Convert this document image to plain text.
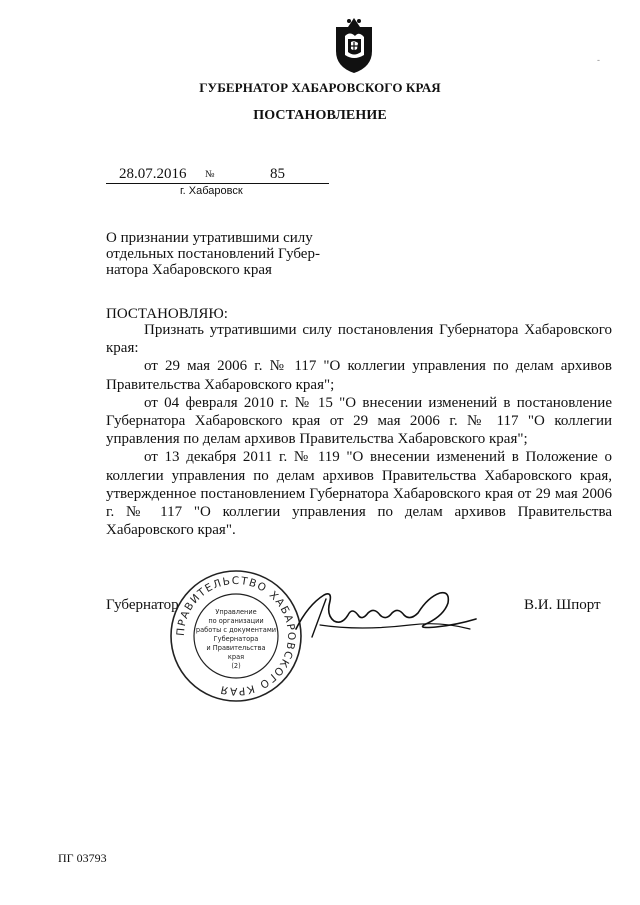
-
ГУБЕРНАТОР ХАБАРОВСКОГО КРАЯ
ПОСТАНОВЛЕНИЕ
28.07.2016 №	85
г. Хабаровск
О признании утратившими силу
отдельных постановлений Губер-
натора Хабаровского края
ПОСТАНОВЛЯЮ:

Признать утратившими силу постановления Губернатора Хабаровского края:

от 29 мая 2006 г. № 117 "О коллегии управления по делам архивов Правительства Хабаровского края";

от 04 февраля 2010 г. № 15 "О внесении изменений в постановление Губернатора Хабаровского края от 29 мая 2006 г. № 117 "О коллегии управления по делам архивов Правительства Хабаровского края";

от 13 декабря 2011 г. № 119 "О внесении изменений в Положение о коллегии управления по делам архивов Правительства Хабаровского края, утвержденное постановлением Губернатора Хабаровского края от 29 мая 2006 г. № 117 "О коллегии управления по делам архивов Правительства Хабаровского края".

Губернатор	В.И. Шпорт
ПРАВИТЕЛЬСТВО ХАБАРОВСКОГО КРАЯ
Управление
по организации
работы с документами
Губернатора
и Правительства
края
(2)
ПГ 03793
